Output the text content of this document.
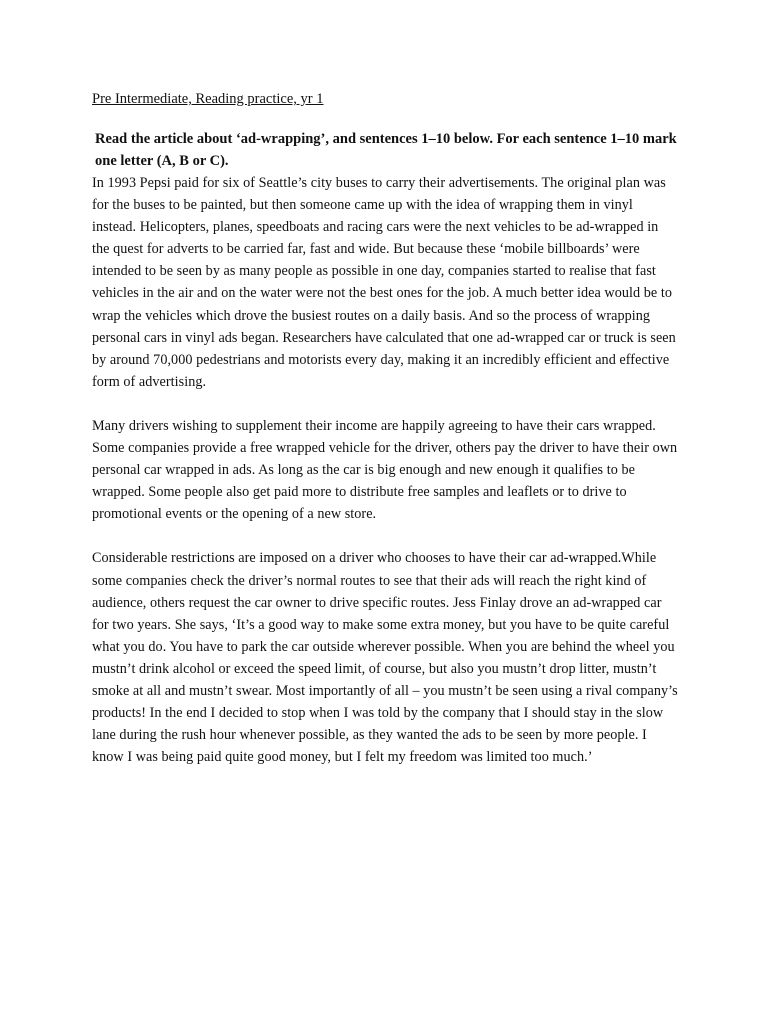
Pre Intermediate, Reading practice, yr 1

Read the article about ‘ad-wrapping’, and sentences 1–10 below. For each sentence 1–10 mark one letter (A, B or C).

In 1993 Pepsi paid for six of Seattle’s city buses to carry their advertisements. The original plan was for the buses to be painted, but then someone came up with the idea of wrapping them in vinyl instead. Helicopters, planes, speedboats and racing cars were the next vehicles to be ad-wrapped in the quest for adverts to be carried far, fast and wide. But because these ‘mobile billboards’ were intended to be seen by as many people as possible in one day, companies started to realise that fast vehicles in the air and on the water were not the best ones for the job. A much better idea would be to wrap the vehicles which drove the busiest routes on a daily basis. And so the process of wrapping personal cars in vinyl ads began. Researchers have calculated that one ad-wrapped car or truck is seen by around 70,000 pedestrians and motorists every day, making it an incredibly efficient and effective form of advertising.

Many drivers wishing to supplement their income are happily agreeing to have their cars wrapped. Some companies provide a free wrapped vehicle for the driver, others pay the driver to have their own personal car wrapped in ads. As long as the car is big enough and new enough it qualifies to be wrapped. Some people also get paid more to distribute free samples and leaflets or to drive to promotional events or the opening of a new store.

Considerable restrictions are imposed on a driver who chooses to have their car ad-wrapped.While some companies check the driver’s normal routes to see that their ads will reach the right kind of audience, others request the car owner to drive specific routes. Jess Finlay drove an ad-wrapped car for two years. She says, ‘It’s a good way to make some extra money, but you have to be quite careful what you do. You have to park the car outside wherever possible. When you are behind the wheel you mustn’t drink alcohol or exceed the speed limit, of course, but also you mustn’t drop litter, mustn’t smoke at all and mustn’t swear. Most importantly of all – you mustn’t be seen using a rival company’s products! In the end I decided to stop when I was told by the company that I should stay in the slow lane during the rush hour whenever possible, as they wanted the ads to be seen by more people. I know I was being paid quite good money, but I felt my freedom was limited too much.’
